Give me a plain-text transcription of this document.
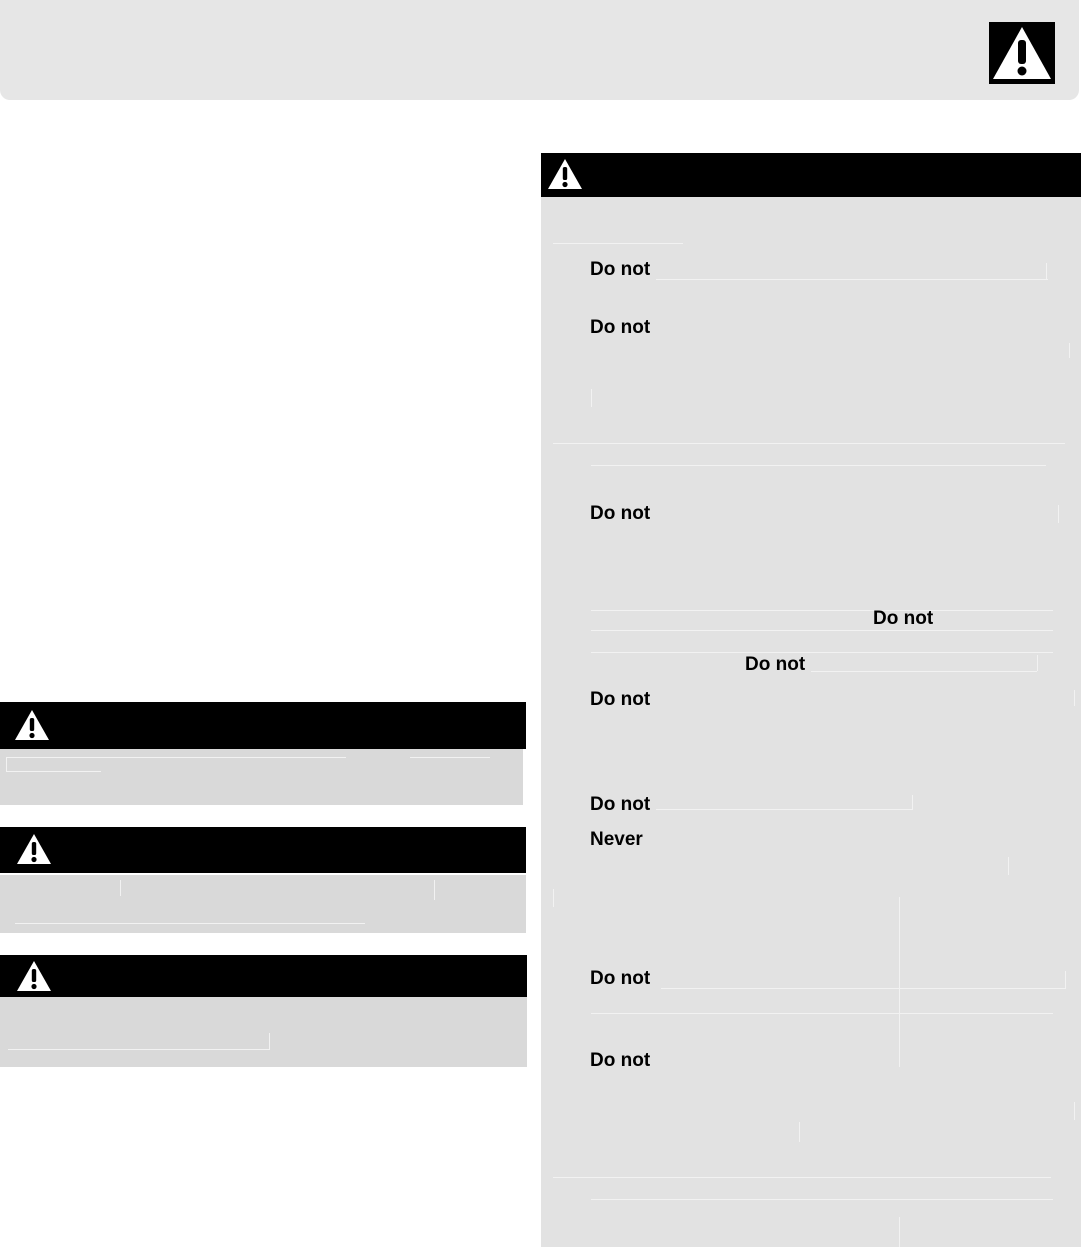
Do not
Do not
Do not
Do not
Do not
Do not
Do not
Never
Do not
Do not
